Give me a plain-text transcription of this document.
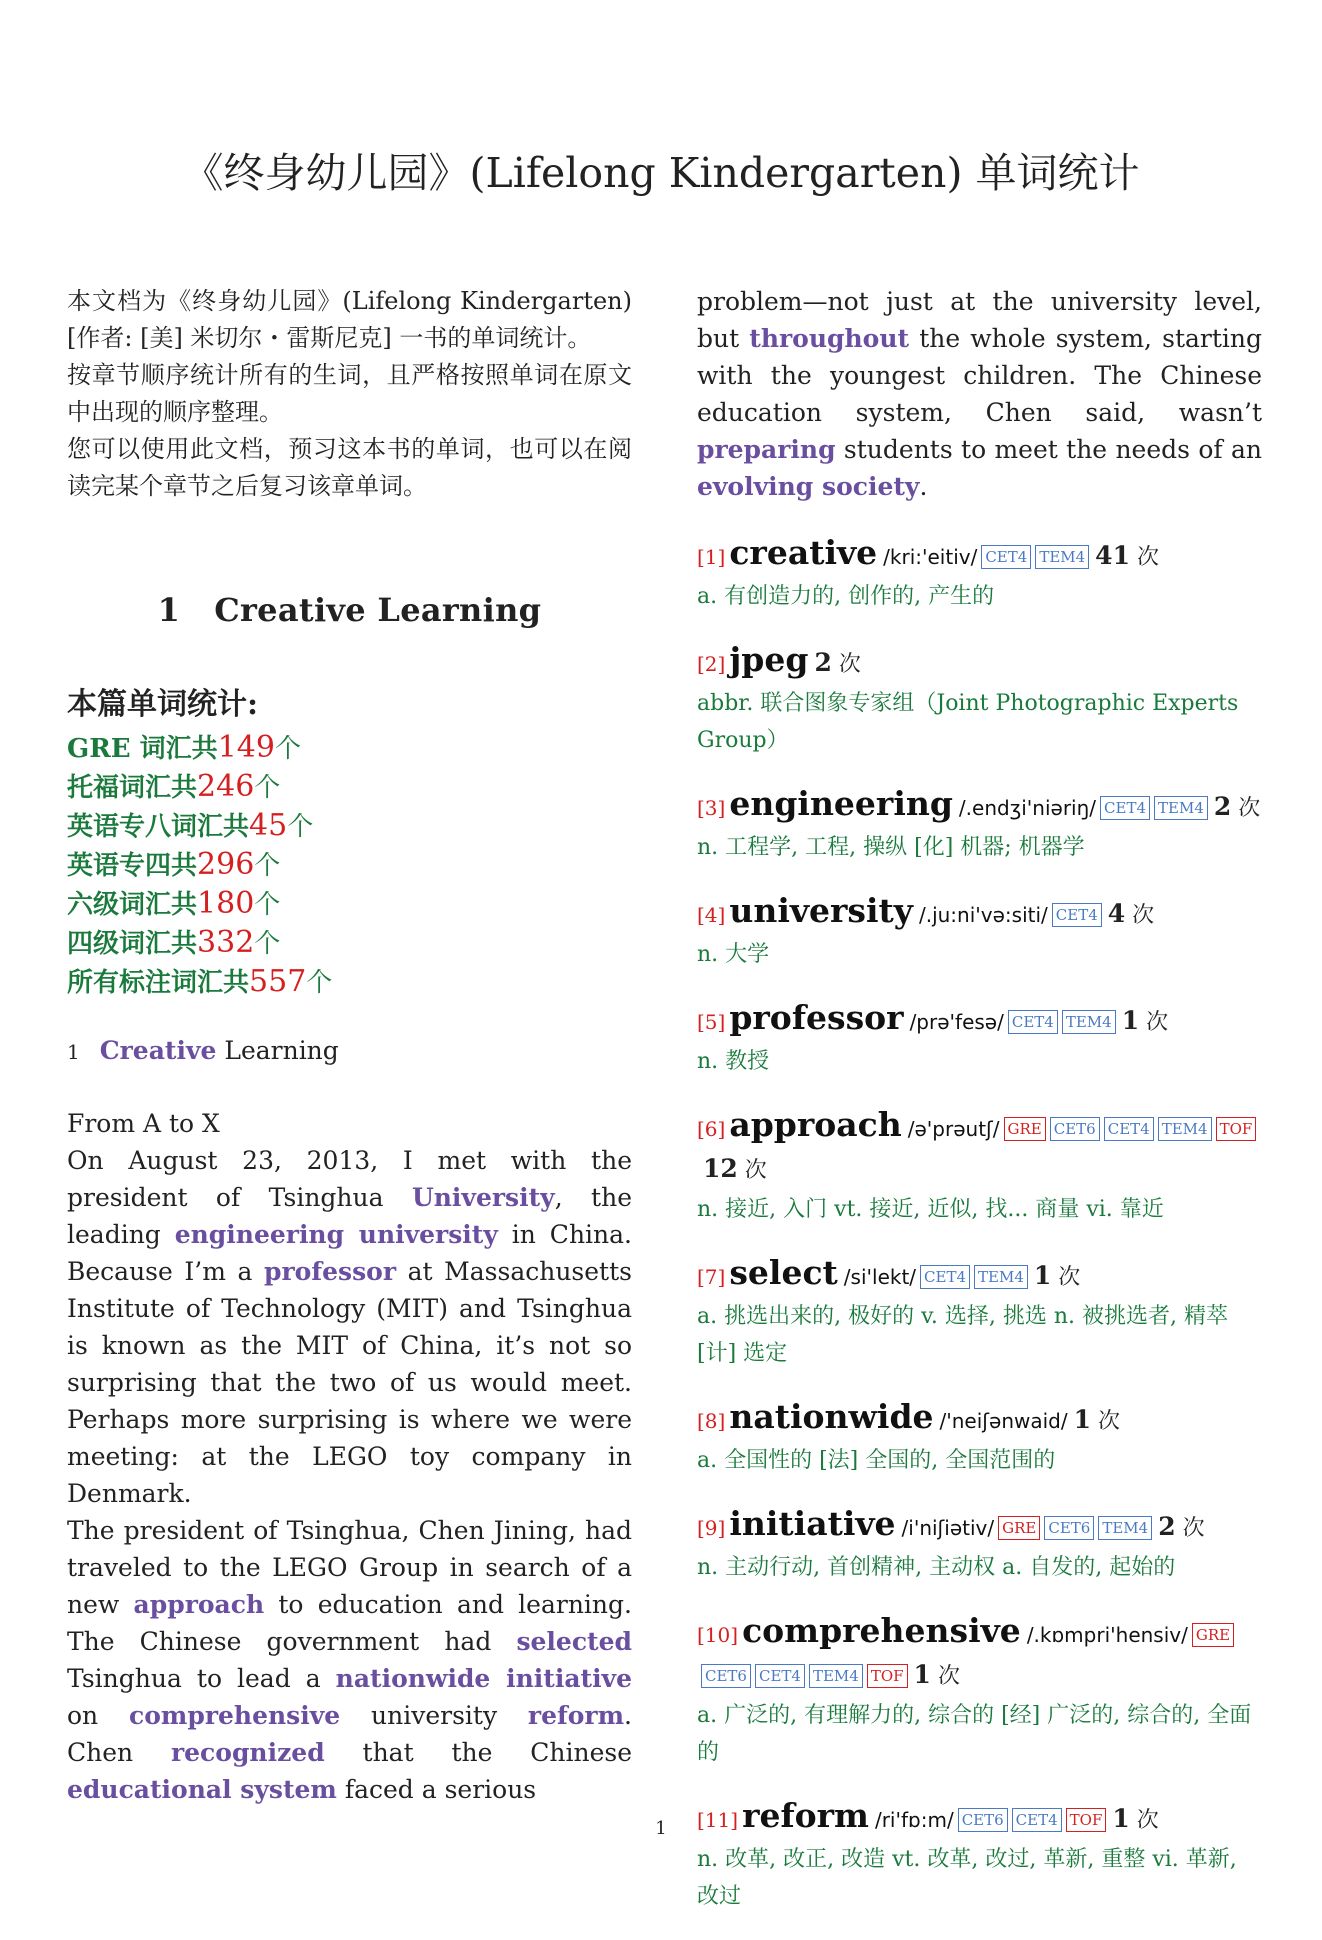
《终身幼儿园》(Lifelong Kindergarten) 单词统计

本文档为《终身幼儿园》(Lifelong Kindergarten)[作者: [美] 米切尔・雷斯尼克] 一书的单词统计。

按章节顺序统计所有的生词，且严格按照单词在原文中出现的顺序整理。

您可以使用此文档，预习这本书的单词，也可以在阅读完某个章节之后复习该章单词。

1 Creative Learning
本篇单词统计:
GRE 词汇共149个
托福词汇共246个
英语专八词汇共45个
英语专四共296个
六级词汇共180个
四级词汇共332个
所有标注词汇共557个
1 Creative Learning

From A to X

On August 23, 2013, I met with the president of Tsinghua University, the leading engineering university in China. Because I’m a professor at Massachusetts Institute of Technology (MIT) and Tsinghua is known as the MIT of China, it’s not so surprising that the two of us would meet. Perhaps more surprising is where we were meeting: at the LEGO toy company in Denmark.

The president of Tsinghua, Chen Jining, had traveled to the LEGO Group in search of a new approach to education and learning. The Chinese government had selected Tsinghua to lead a nationwide initiative on comprehensive university reform. Chen recognized that the Chinese educational system faced a serious

problem—not just at the university level, but throughout the whole system, starting with the youngest children. The Chinese education system, Chen said, wasn’t preparing students to meet the needs of an evolving society.

[1] creative /kri:'eitiv/ CET4 TEM4 41 次
a. 有创造力的, 创作的, 产生的
[2] jpeg 2 次
abbr. 联合图象专家组（Joint Photographic Experts Group）
[3] engineering /.endʒi'niəriŋ/ CET4 TEM4 2 次
n. 工程学, 工程, 操纵 [化] 机器; 机器学
[4] university /.ju:ni'və:siti/ CET4 4 次
n. 大学
[5] professor /prə'fesə/ CET4 TEM4 1 次
n. 教授
[6] approach /ə'prəutʃ/ GRE CET6 CET4 TEM4 TOF12 次
n. 接近, 入门 vt. 接近, 近似, 找... 商量 vi. 靠近
[7] select /si'lekt/ CET4 TEM4 1 次
a. 挑选出来的, 极好的 v. 选择, 挑选 n. 被挑选者, 精萃 [计] 选定
[8] nationwide /'neiʃənwaid/ 1 次
a. 全国性的 [法] 全国的, 全国范围的
[9] initiative /i'niʃiətiv/ GRE CET6 TEM4 2 次
n. 主动行动, 首创精神, 主动权 a. 自发的, 起始的
[10] comprehensive /.kɒmpri'hensiv/ GRECET6 CET4 TEM4 TOF 1 次
a. 广泛的, 有理解力的, 综合的 [经] 广泛的, 综合的, 全面的
[11] reform /ri'fɒ:m/ CET6 CET4 TOF 1 次
n. 改革, 改正, 改造 vt. 改革, 改过, 革新, 重整 vi. 革新, 改过
1
